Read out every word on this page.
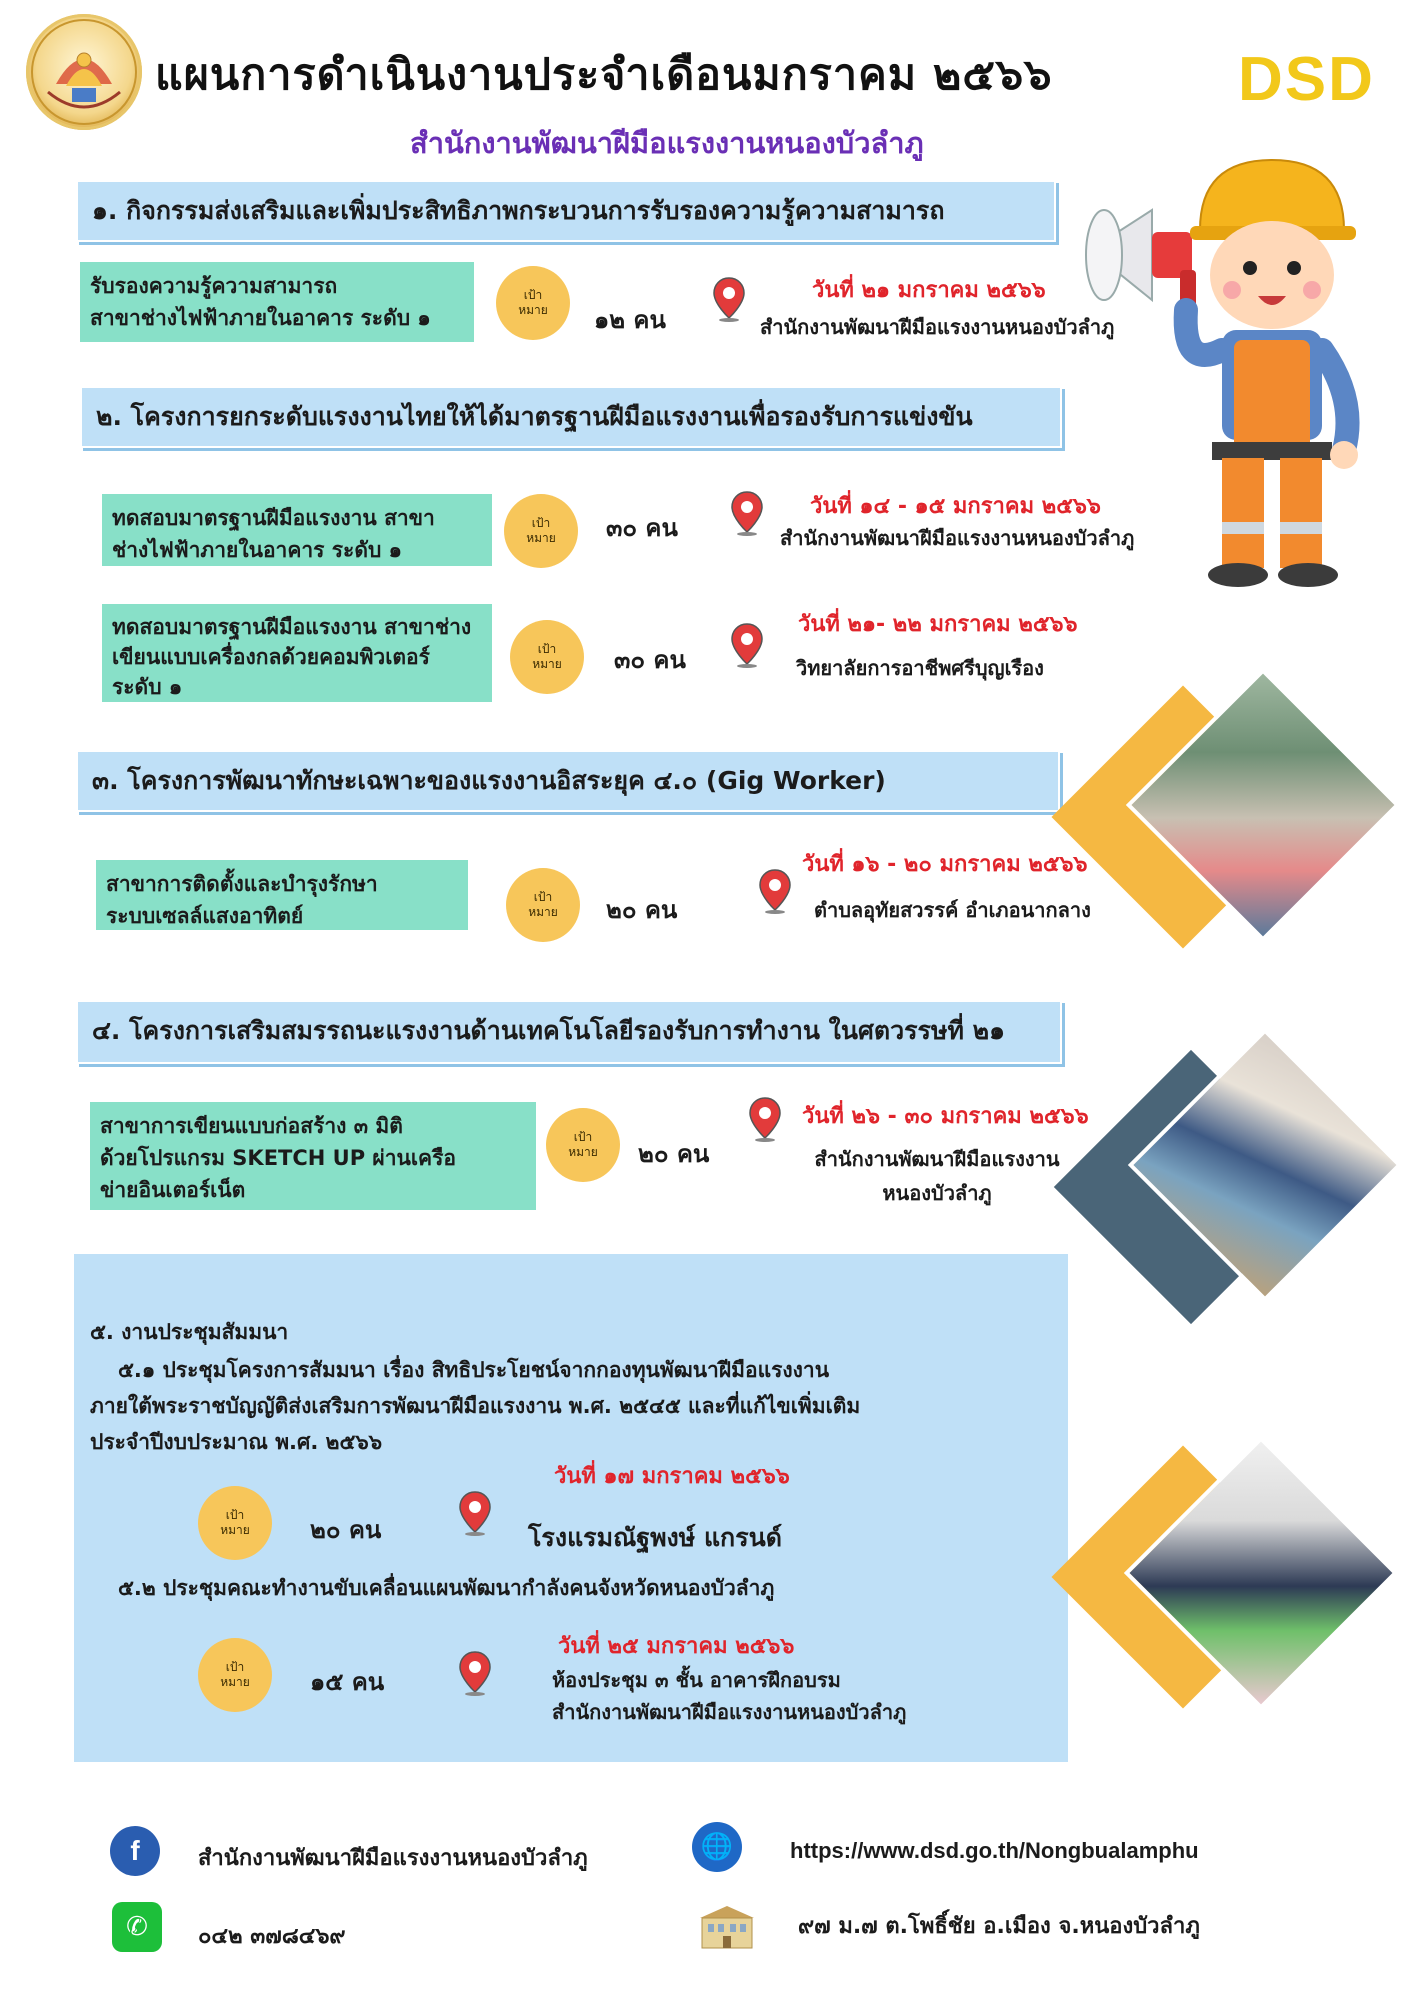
แผนการดำเนินงานประจำเดือนมกราคม ๒๕๖๖	DSD
สำนักงานพัฒนาฝีมือแรงงานหนองบัวลำภู
๑. กิจกรรมส่งเสริมและเพิ่มประสิทธิภาพกระบวนการรับรองความรู้ความสามารถ
รับรองความรู้ความสามารถ
สาขาช่างไฟฟ้าภายในอาคาร ระดับ ๑
เป้า
หมาย ๑๒ คน
วันที่ ๒๑ มกราคม ๒๕๖๖
สำนักงานพัฒนาฝีมือแรงงานหนองบัวลำภู
๒. โครงการยกระดับแรงงานไทยให้ได้มาตรฐานฝีมือแรงงานเพื่อรองรับการแข่งขัน
ทดสอบมาตรฐานฝีมือแรงงาน สาขา
ช่างไฟฟ้าภายในอาคาร ระดับ ๑
เป้า
หมาย ๓๐ คน
วันที่ ๑๔ - ๑๕ มกราคม ๒๕๖๖
สำนักงานพัฒนาฝีมือแรงงานหนองบัวลำภู
ทดสอบมาตรฐานฝีมือแรงงาน สาขาช่าง
เขียนแบบเครื่องกลด้วยคอมพิวเตอร์
ระดับ ๑
เป้า
หมาย ๓๐ คน
วันที่ ๒๑- ๒๒ มกราคม ๒๕๖๖
วิทยาลัยการอาชีพศรีบุญเรือง
๓. โครงการพัฒนาทักษะเฉพาะของแรงงานอิสระยุค ๔.๐ (Gig Worker)
สาขาการติดตั้งและบำรุงรักษา
ระบบเซลล์แสงอาทิตย์
เป้า
หมาย ๒๐ คน
วันที่ ๑๖ - ๒๐ มกราคม ๒๕๖๖
ตำบลอุทัยสวรรค์ อำเภอนากลาง
๔. โครงการเสริมสมรรถนะแรงงานด้านเทคโนโลยีรองรับการทำงาน ในศตวรรษที่ ๒๑
สาขาการเขียนแบบก่อสร้าง ๓ มิติ
ด้วยโปรแกรม SKETCH UP ผ่านเครือ
ข่ายอินเตอร์เน็ต
เป้า
หมาย ๒๐ คน
วันที่ ๒๖ - ๓๐ มกราคม ๒๕๖๖
สำนักงานพัฒนาฝีมือแรงงาน
หนองบัวลำภู
๕. งานประชุมสัมมนา
๕.๑ ประชุมโครงการสัมมนา เรื่อง สิทธิประโยชน์จากกองทุนพัฒนาฝีมือแรงงาน
ภายใต้พระราชบัญญัติส่งเสริมการพัฒนาฝีมือแรงงาน พ.ศ. ๒๕๔๕ และที่แก้ไขเพิ่มเติม
ประจำปีงบประมาณ พ.ศ. ๒๕๖๖
วันที่ ๑๗ มกราคม ๒๕๖๖
เป้า
หมาย	๒๐ คน	โรงแรมณัฐพงษ์ แกรนด์
๕.๒ ประชุมคณะทำงานขับเคลื่อนแผนพัฒนากำลังคนจังหวัดหนองบัวลำภู
วันที่ ๒๕ มกราคม ๒๕๖๖
เป้า
หมาย	๑๕ คน	ห้องประชุม ๓ ชั้น อาคารฝึกอบรม
สำนักงานพัฒนาฝีมือแรงงานหนองบัวลำภู
f	สำนักงานพัฒนาฝีมือแรงงานหนองบัวลำภู	🌐	https://www.dsd.go.th/Nongbualamphu
✆	๐๔๒ ๓๗๘๔๖๙	๙๗ ม.๗ ต.โพธิ์ชัย อ.เมือง จ.หนองบัวลำภู
